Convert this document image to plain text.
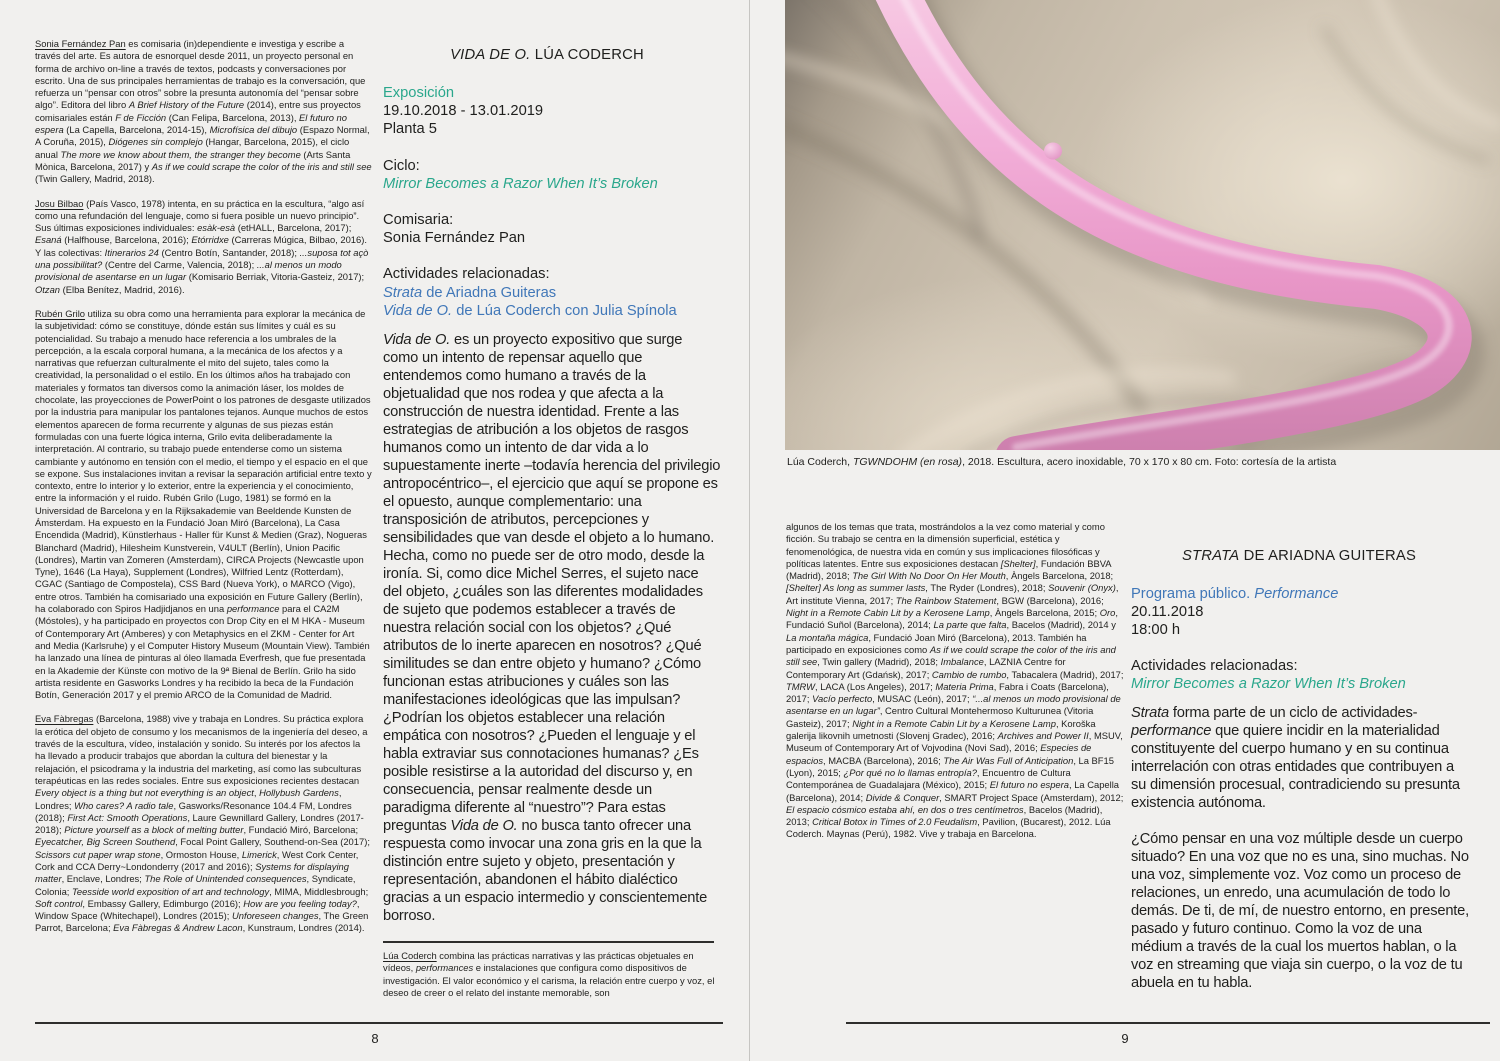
Sonia Fernández Pan es comisaria (in)dependiente e investiga y escribe a través del arte. Es autora de esnorquel desde 2011, un proyecto personal en forma de archivo on-line a través de textos, podcasts y conversaciones por escrito. Una de sus principales herramientas de trabajo es la conversación, que refuerza un “pensar con otros” sobre la presunta autonomía del “pensar sobre algo”. Editora del libro A Brief History of the Future (2014), entre sus proyectos comisariales están F de Ficción (Can Felipa, Barcelona, 2013), El futuro no espera (La Capella, Barcelona, 2014-15), Microfísica del dibujo (Espazo Normal, A Coruña, 2015), Diógenes sin complejo (Hangar, Barcelona, 2015), el ciclo anual The more we know about them, the stranger they become (Arts Santa Mònica, Barcelona, 2017) y As if we could scrape the color of the iris and still see (Twin Gallery, Madrid, 2018).

Josu Bilbao (País Vasco, 1978) intenta, en su práctica en la escultura, “algo así como una refundación del lenguaje, como si fuera posible un nuevo principio”. Sus últimas exposiciones individuales: esàk-esà (etHALL, Barcelona, 2017); Esaná (Halfhouse, Barcelona, 2016); Etórridxe (Carreras Múgica, Bilbao, 2016). Y las colectivas: Itinerarios 24 (Centro Botín, Santander, 2018); ...suposa tot açò una possibilitat? (Centre del Carme, Valencia, 2018); ...al menos un modo provisional de asentarse en un lugar (Komisario Berriak, Vitoria-Gasteiz, 2017); Otzan (Elba Benítez, Madrid, 2016).

Rubén Grilo utiliza su obra como una herramienta para explorar la mecánica de la subjetividad: cómo se constituye, dónde están sus límites y cuál es su potencialidad. Su trabajo a menudo hace referencia a los umbrales de la percepción, a la escala corporal humana, a la mecánica de los afectos y a narrativas que refuerzan culturalmente el mito del sujeto, tales como la creatividad, la personalidad o el estilo. En los últimos años ha trabajado con materiales y formatos tan diversos como la animación láser, los moldes de chocolate, las proyecciones de PowerPoint o los patrones de desgaste utilizados por la industria para manipular los pantalones tejanos. Aunque muchos de estos elementos aparecen de forma recurrente y algunas de sus piezas están formuladas con una fuerte lógica interna, Grilo evita deliberadamente la interpretación. Al contrario, su trabajo puede entenderse como un sistema cambiante y autónomo en tensión con el medio, el tiempo y el espacio en el que se expone. Sus instalaciones invitan a revisar la separación artificial entre texto y contexto, entre lo interior y lo exterior, entre la experiencia y el conocimiento, entre la información y el ruido. Rubén Grilo (Lugo, 1981) se formó en la Universidad de Barcelona y en la Rijksakademie van Beeldende Kunsten de Ámsterdam. Ha expuesto en la Fundació Joan Miró (Barcelona), La Casa Encendida (Madrid), Künstlerhaus - Haller für Kunst & Medien (Graz), Nogueras Blanchard (Madrid), Hilesheim Kunstverein, V4ULT (Berlín), Union Pacific (Londres), Martin van Zomeren (Amsterdam), CIRCA Projects (Newcastle upon Tyne), 1646 (La Haya), Supplement (Londres), Wilfried Lentz (Rotterdam), CGAC (Santiago de Compostela), CSS Bard (Nueva York), o MARCO (Vigo), entre otros. También ha comisariado una exposición en Future Gallery (Berlín), ha colaborado con Spiros Hadjidjanos en una performance para el CA2M (Móstoles), y ha participado en proyectos con Drop City en el M HKA - Museum of Contemporary Art (Amberes) y con Metaphysics en el ZKM - Center for Art and Media (Karlsruhe) y el Computer History Museum (Mountain View). También ha lanzado una línea de pinturas al óleo llamada Everfresh, que fue presentada en la Akademie der Künste con motivo de la 9ª Bienal de Berlín. Grilo ha sido artista residente en Gasworks Londres y ha recibido la beca de la Fundación Botín, Generación 2017 y el premio ARCO de la Comunidad de Madrid.

Eva Fàbregas (Barcelona, 1988) vive y trabaja en Londres. Su práctica explora la erótica del objeto de consumo y los mecanismos de la ingeniería del deseo, a través de la escultura, vídeo, instalación y sonido. Su interés por los afectos la ha llevado a producir trabajos que abordan la cultura del bienestar y la relajación, el psicodrama y la industria del marketing, así como las subculturas terapéuticas en las redes sociales. Entre sus exposiciones recientes destacan Every object is a thing but not everything is an object, Hollybush Gardens, Londres; Who cares? A radio tale, Gasworks/Resonance 104.4 FM, Londres (2018); First Act: Smooth Operations, Laure Gewnillard Gallery, Londres (2017-2018); Picture yourself as a block of melting butter, Fundació Miró, Barcelona; Eyecatcher, Big Screen Southend, Focal Point Gallery, Southend-on-Sea (2017); Scissors cut paper wrap stone, Ormoston House, Limerick, West Cork Center, Cork and CCA Derry~Londonderry (2017 and 2016); Systems for displaying matter, Enclave, Londres; The Role of Unintended consequences, Syndicate, Colonia; Teesside world exposition of art and technology, MIMA, Middlesbrough; Soft control, Embassy Gallery, Edimburgo (2016); How are you feeling today?, Window Space (Whitechapel), Londres (2015); Unforeseen changes, The Green Parrot, Barcelona; Eva Fàbregas & Andrew Lacon, Kunstraum, Londres (2014).

VIDA DE O. LÚA CODERCH
Exposición
19.10.2018 - 13.01.2019
Planta 5
Ciclo:
Mirror Becomes a Razor When It’s Broken
Comisaria:
Sonia Fernández Pan
Actividades relacionadas:
Strata de Ariadna Guiteras
Vida de O. de Lúa Coderch con Julia Spínola
Vida de O. es un proyecto expositivo que surge como un intento de repensar aquello que entendemos como humano a través de la objetualidad que nos rodea y que afecta a la construcción de nuestra identidad. Frente a las estrategias de atribución a los objetos de rasgos humanos como un intento de dar vida a lo supuestamente inerte –todavía herencia del privilegio antropocéntrico–, el ejercicio que aquí se propone es el opuesto, aunque complementario: una transposición de atributos, percepciones y sensibilidades que van desde el objeto a lo humano. Hecha, como no puede ser de otro modo, desde la ironía. Si, como dice Michel Serres, el sujeto nace del objeto, ¿cuáles son las diferentes modalidades de sujeto que podemos establecer a través de nuestra relación social con los objetos? ¿Qué atributos de lo inerte aparecen en nosotros? ¿Qué similitudes se dan entre objeto y humano? ¿Cómo funcionan estas atribuciones y cuáles son las manifestaciones ideológicas que las impulsan? ¿Podrían los objetos establecer una relación empática con nosotros? ¿Pueden el lenguaje y el habla extraviar sus connotaciones humanas? ¿Es posible resistirse a la autoridad del discurso y, en consecuencia, pensar realmente desde un paradigma diferente al “nuestro”? Para estas preguntas Vida de O. no busca tanto ofrecer una respuesta como invocar una zona gris en la que la distinción entre sujeto y objeto, presentación y representación, abandonen el hábito dialéctico gracias a un espacio intermedio y conscientemente borroso.
Lúa Coderch combina las prácticas narrativas y las prácticas objetuales en vídeos, performances e instalaciones que configura como dispositivos de investigación. El valor económico y el carisma, la relación entre cuerpo y voz, el deseo de creer o el relato del instante memorable, son
8
Lúa Coderch, TGWNDOHM (en rosa), 2018. Escultura, acero inoxidable, 70 x 170 x 80 cm. Foto: cortesía de la artista
algunos de los temas que trata, mostrándolos a la vez como material y como ficción. Su trabajo se centra en la dimensión superficial, estética y fenomenológica, de nuestra vida en común y sus implicaciones filosóficas y políticas latentes. Entre sus exposiciones destacan [Shelter], Fundación BBVA (Madrid), 2018; The Girl With No Door On Her Mouth, Àngels Barcelona, 2018; [Shelter] As long as summer lasts, The Ryder (Londres), 2018; Souvenir (Onyx), Art institute Vienna, 2017; The Rainbow Statement, BGW (Barcelona), 2016; Night in a Remote Cabin Lit by a Kerosene Lamp, Àngels Barcelona, 2015; Oro, Fundació Suñol (Barcelona), 2014; La parte que falta, Bacelos (Madrid), 2014 y La montaña mágica, Fundació Joan Miró (Barcelona), 2013. También ha participado en exposiciones como As if we could scrape the color of the iris and still see, Twin gallery (Madrid), 2018; Imbalance, LAZNIA Centre for Contemporary Art (Gdańsk), 2017; Cambio de rumbo, Tabacalera (Madrid), 2017; TMRW, LACA (Los Angeles), 2017; Materia Prima, Fabra i Coats (Barcelona), 2017; Vacío perfecto, MUSAC (León), 2017; “...al menos un modo provisional de asentarse en un lugar”, Centro Cultural Montehermoso Kulturunea (Vitoria Gasteiz), 2017; Night in a Remote Cabin Lit by a Kerosene Lamp, Koroška galerija likovnih umetnosti (Slovenj Gradec), 2016; Archives and Power II, MSUV, Museum of Contemporary Art of Vojvodina (Novi Sad), 2016; Especies de espacios, MACBA (Barcelona), 2016; The Air Was Full of Anticipation, La BF15 (Lyon), 2015; ¿Por qué no lo llamas entropía?, Encuentro de Cultura Contemporánea de Guadalajara (México), 2015; El futuro no espera, La Capella (Barcelona), 2014; Divide & Conquer, SMART Project Space (Amsterdam), 2012; El espacio cósmico estaba ahí, en dos o tres centímetros, Bacelos (Madrid), 2013; Critical Botox in Times of 2.0 Feudalism, Pavilion, (Bucarest), 2012. Lúa Coderch. Maynas (Perú), 1982. Vive y trabaja en Barcelona.
STRATA DE ARIADNA GUITERAS
Programa público. Performance
20.11.2018
18:00 h
Actividades relacionadas:
Mirror Becomes a Razor When It’s Broken

Strata forma parte de un ciclo de actividades-performance que quiere incidir en la materialidad constituyente del cuerpo humano y en su continua interrelación con otras entidades que contribuyen a su dimensión procesual, contradiciendo su presunta existencia autónoma.

¿Cómo pensar en una voz múltiple desde un cuerpo situado? En una voz que no es una, sino muchas. No una voz, simplemente voz. Voz como un proceso de relaciones, un enredo, una acumulación de todo lo demás. De ti, de mí, de nuestro entorno, en presente, pasado y futuro continuo. Como la voz de una médium a través de la cual los muertos hablan, o la voz en streaming que viaja sin cuerpo, o la voz de tu abuela en tu habla.

9
